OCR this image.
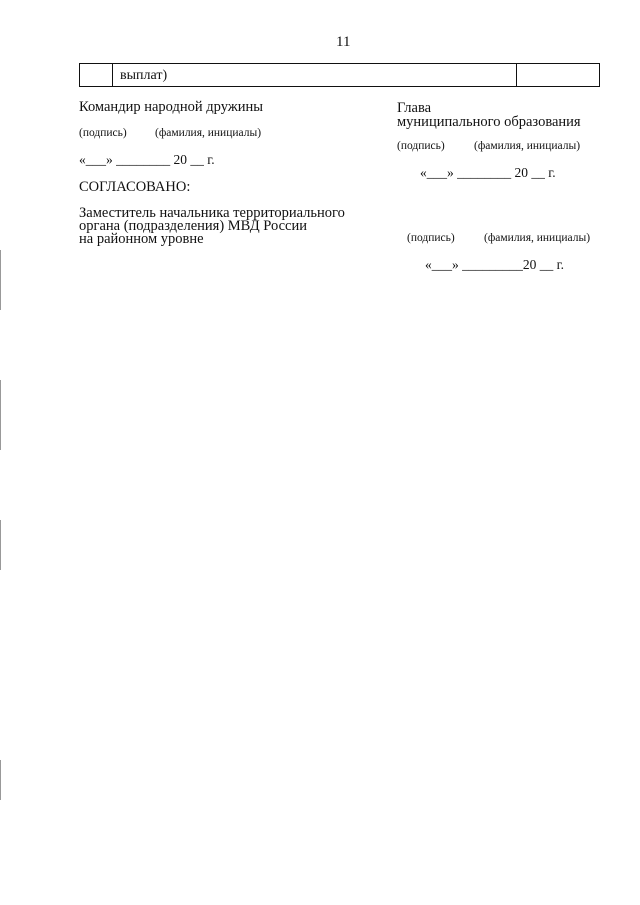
11
выплат)
Командир народной дружины
(подпись) (фамилия, инициалы)
«___» ________ 20 __ г.
СОГЛАСОВАНО:
Заместитель начальника территориального
органа (подразделения) МВД России
на районном уровне
Глава
муниципального образования
(подпись)	(фамилия, инициалы)
«___» ________ 20 __ г.
(подпись)	(фамилия, инициалы)
«___» _________20 __ г.
